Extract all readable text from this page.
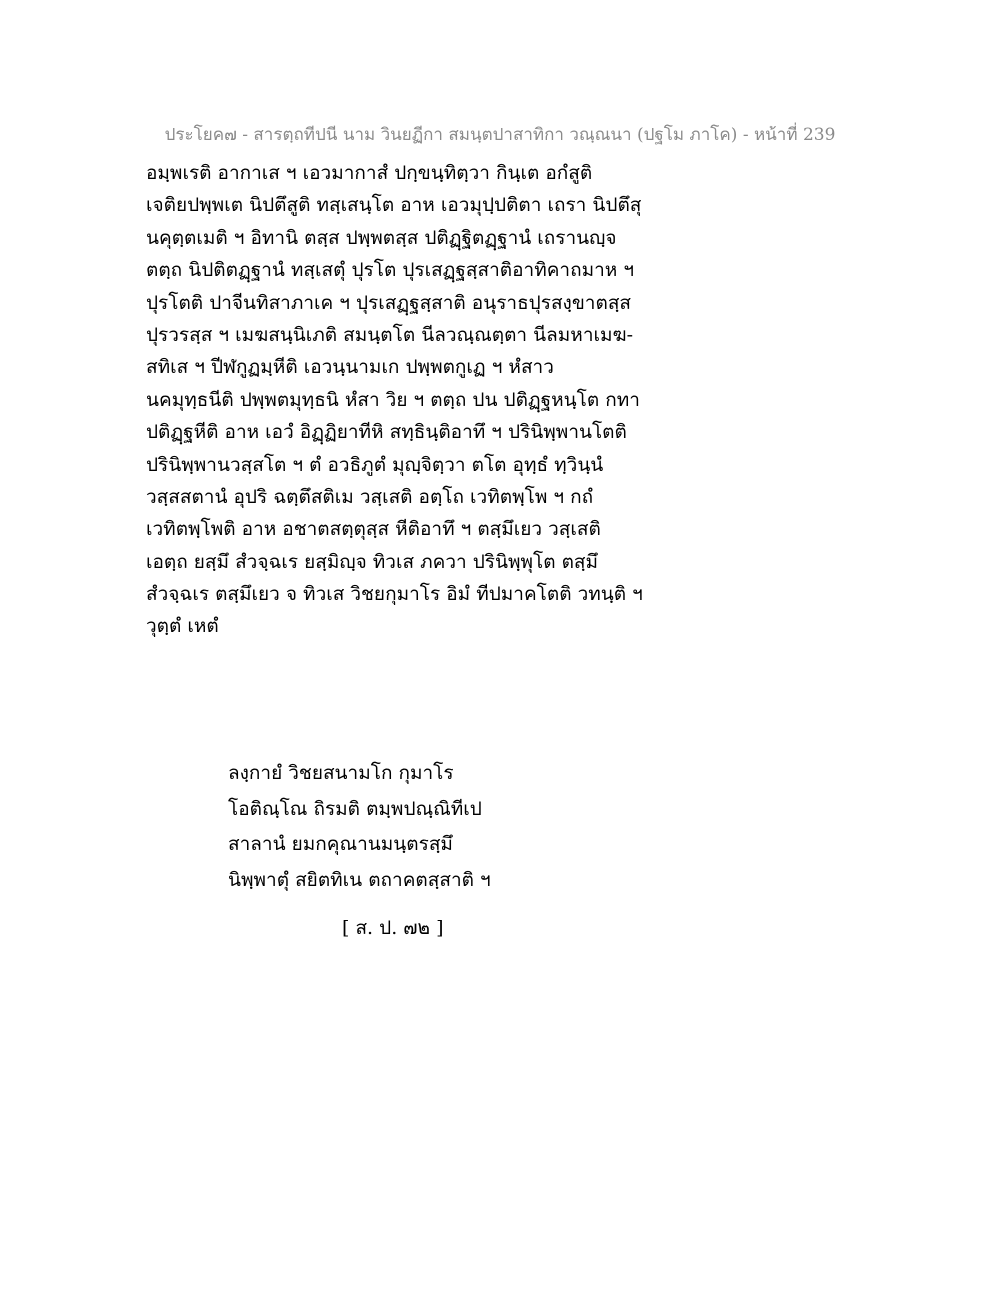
ประโยค๗ - สารตฺถทีปนี นาม วินยฏีกา สมนฺตปาสาทิกา วณฺณนา (ปฐโม ภาโค) - หน้าที่ 239
อมฺพเรติ อากาเส ฯ เอวมากาสํ ปกฺขนฺทิตฺวา กินฺเต อกํสูติ
เจติยปพฺพเต นิปตึสูติ ทสฺเสนฺโต อาห เอวมุปฺปติตา เถรา นิปตึสุ
นคุตฺตเมติ ฯ อิทานิ ตสฺส ปพฺพตสฺส ปติฏฺฐิตฏฺฐานํ เถรานญฺจ
ตตฺถ นิปติตฏฺฐานํ ทสฺเสตุํ ปุรโต ปุรเสฏฺฐสฺสาติอาทิคาถมาห ฯ
ปุรโตติ ปาจีนทิสาภาเค ฯ ปุรเสฏฺฐสฺสาติ อนุราธปุรสงฺขาตสฺส
ปุรวรสฺส ฯ เมฆสนฺนิเภติ สมนฺตโต นีลวณฺณตฺตา นีลมหาเมฆ-
สทิเส ฯ ปีฬกูฏมฺหีติ เอวนฺนามเก ปพฺพตกูเฏ ฯ หํสาว
นคมุทฺธนีติ ปพฺพตมุทฺธนิ หํสา วิย ฯ ตตฺถ ปน ปติฏฺฐหนฺโต กทา
ปติฏฺฐหีติ อาห เอวํ อิฏฺฏิยาทีหิ สทฺธินฺติอาทึ ฯ ปรินิพฺพานโตติ
ปรินิพฺพานวสฺสโต ฯ ตํ อวธิภูตํ มุญฺจิตฺวา ตโต อุทฺธํ ทฺวินฺนํ
วสฺสสตานํ อุปริ ฉตฺตึสติเม วสฺเสติ อตฺโถ เวทิตพฺโพ ฯ กถํ
เวทิตพฺโพติ อาห อชาตสตฺตุสฺส หีติอาทึ ฯ ตสฺมึเยว วสฺเสติ
เอตฺถ ยสฺมึ สํวจฺฉเร ยสฺมิญฺจ ทิวเส ภควา ปรินิพฺพุโต ตสฺมึ
สํวจฺฉเร ตสฺมึเยว จ ทิวเส วิชยกุมาโร อิมํ ทีปมาคโตติ วทนฺติ ฯ
วุตฺตํ เหตํ
ลงฺกายํ วิชยสนามโก กุมาโร
โอติณฺโณ ถิรมติ ตมฺพปณฺณิทีเป
สาลานํ ยมกคุณานมนฺตรสฺมึ
นิพฺพาตุํ สยิตทิเน ตถาคตสฺสาติ ฯ
[ ส. ป. ๗๒ ]
